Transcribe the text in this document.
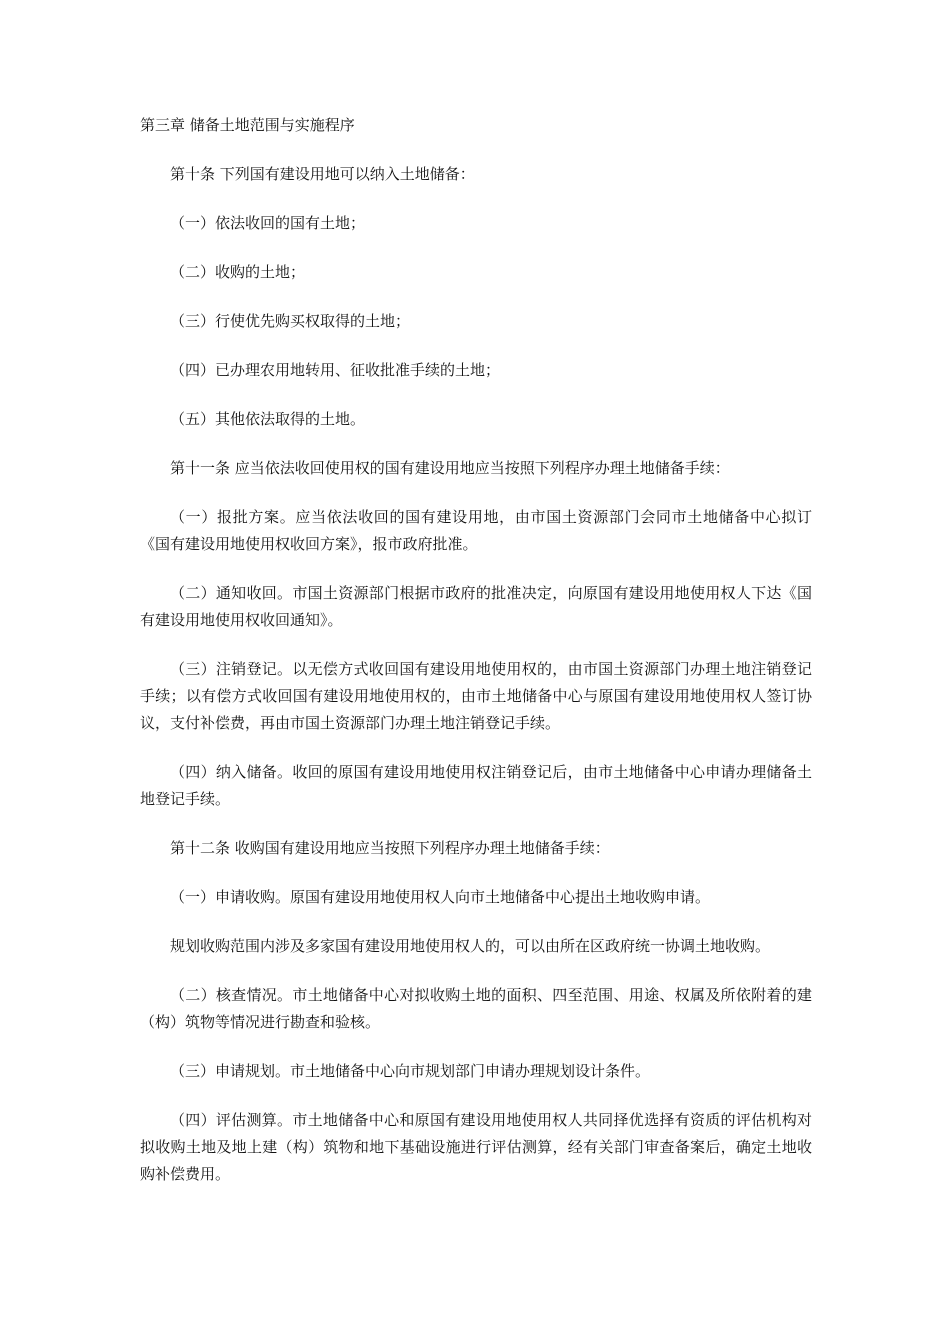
第三章 储备土地范围与实施程序

第十条 下列国有建设用地可以纳入土地储备：

（一）依法收回的国有土地；

（二）收购的土地；

（三）行使优先购买权取得的土地；

（四）已办理农用地转用、征收批准手续的土地；

（五）其他依法取得的土地。

第十一条 应当依法收回使用权的国有建设用地应当按照下列程序办理土地储备手续：

（一）报批方案。应当依法收回的国有建设用地，由市国土资源部门会同市土地储备中心拟订《国有建设用地使用权收回方案》，报市政府批准。

（二）通知收回。市国土资源部门根据市政府的批准决定，向原国有建设用地使用权人下达《国有建设用地使用权收回通知》。

（三）注销登记。以无偿方式收回国有建设用地使用权的，由市国土资源部门办理土地注销登记手续；以有偿方式收回国有建设用地使用权的，由市土地储备中心与原国有建设用地使用权人签订协议，支付补偿费，再由市国土资源部门办理土地注销登记手续。

（四）纳入储备。收回的原国有建设用地使用权注销登记后，由市土地储备中心申请办理储备土地登记手续。

第十二条 收购国有建设用地应当按照下列程序办理土地储备手续：

（一）申请收购。原国有建设用地使用权人向市土地储备中心提出土地收购申请。

规划收购范围内涉及多家国有建设用地使用权人的，可以由所在区政府统一协调土地收购。

（二）核查情况。市土地储备中心对拟收购土地的面积、四至范围、用途、权属及所依附着的建（构）筑物等情况进行勘查和验核。

（三）申请规划。市土地储备中心向市规划部门申请办理规划设计条件。

（四）评估测算。市土地储备中心和原国有建设用地使用权人共同择优选择有资质的评估机构对拟收购土地及地上建（构）筑物和地下基础设施进行评估测算，经有关部门审查备案后，确定土地收购补偿费用。
